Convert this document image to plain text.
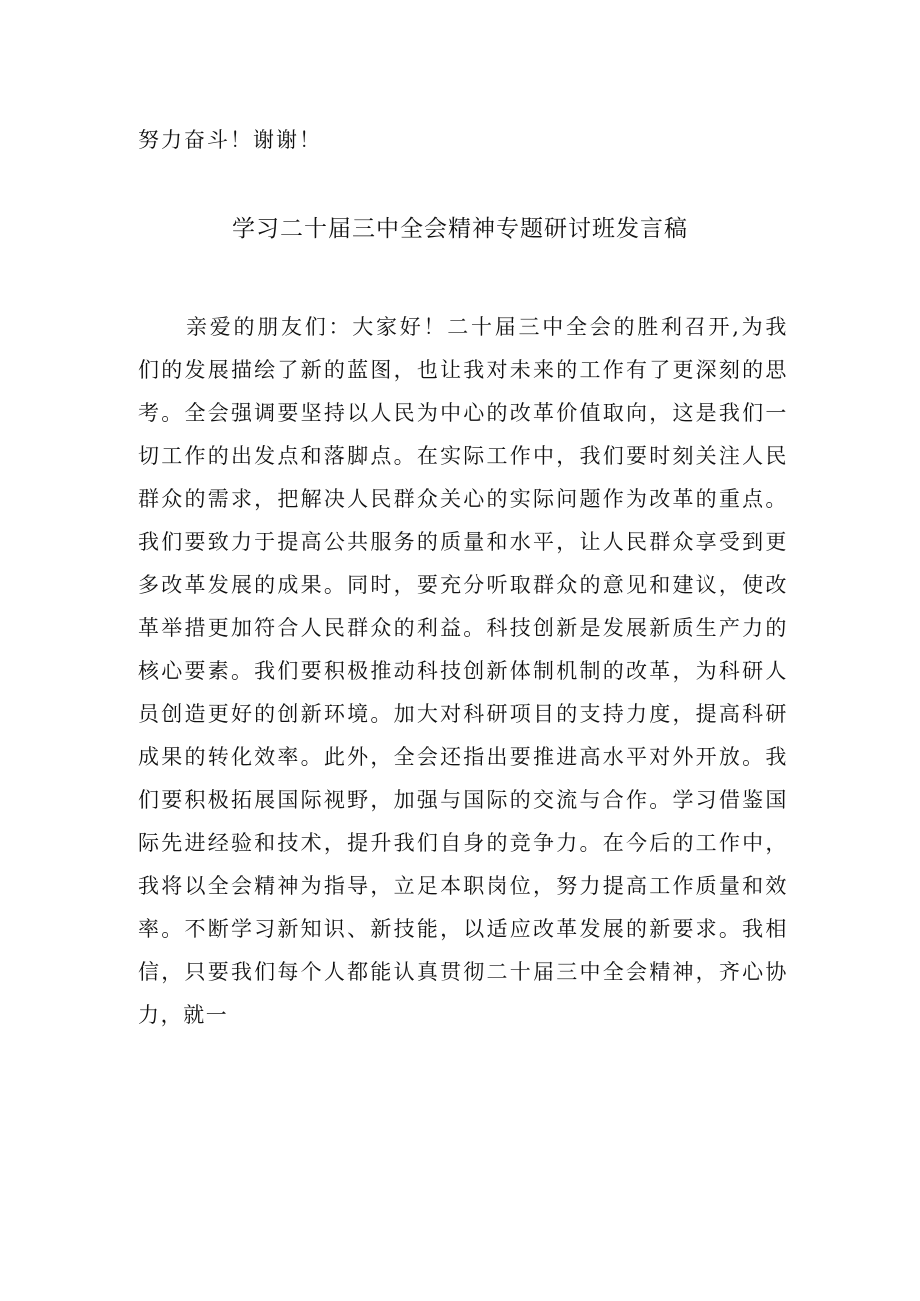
努力奋斗！谢谢！
学习二十届三中全会精神专题研讨班发言稿
亲爱的朋友们：大家好！二十届三中全会的胜利召开,为我
们的发展描绘了新的蓝图，也让我对未来的工作有了更深刻的思
考。全会强调要坚持以人民为中心的改革价值取向，这是我们一
切工作的出发点和落脚点。在实际工作中，我们要时刻关注人民
群众的需求，把解决人民群众关心的实际问题作为改革的重点。
我们要致力于提高公共服务的质量和水平，让人民群众享受到更
多改革发展的成果。同时，要充分听取群众的意见和建议，使改
革举措更加符合人民群众的利益。科技创新是发展新质生产力的
核心要素。我们要积极推动科技创新体制机制的改革，为科研人
员创造更好的创新环境。加大对科研项目的支持力度，提高科研
成果的转化效率。此外，全会还指出要推进高水平对外开放。我
们要积极拓展国际视野，加强与国际的交流与合作。学习借鉴国
际先进经验和技术，提升我们自身的竞争力。在今后的工作中，
我将以全会精神为指导，立足本职岗位，努力提高工作质量和效
率。不断学习新知识、新技能，以适应改革发展的新要求。我相
信，只要我们每个人都能认真贯彻二十届三中全会精神，齐心协
力，就一
